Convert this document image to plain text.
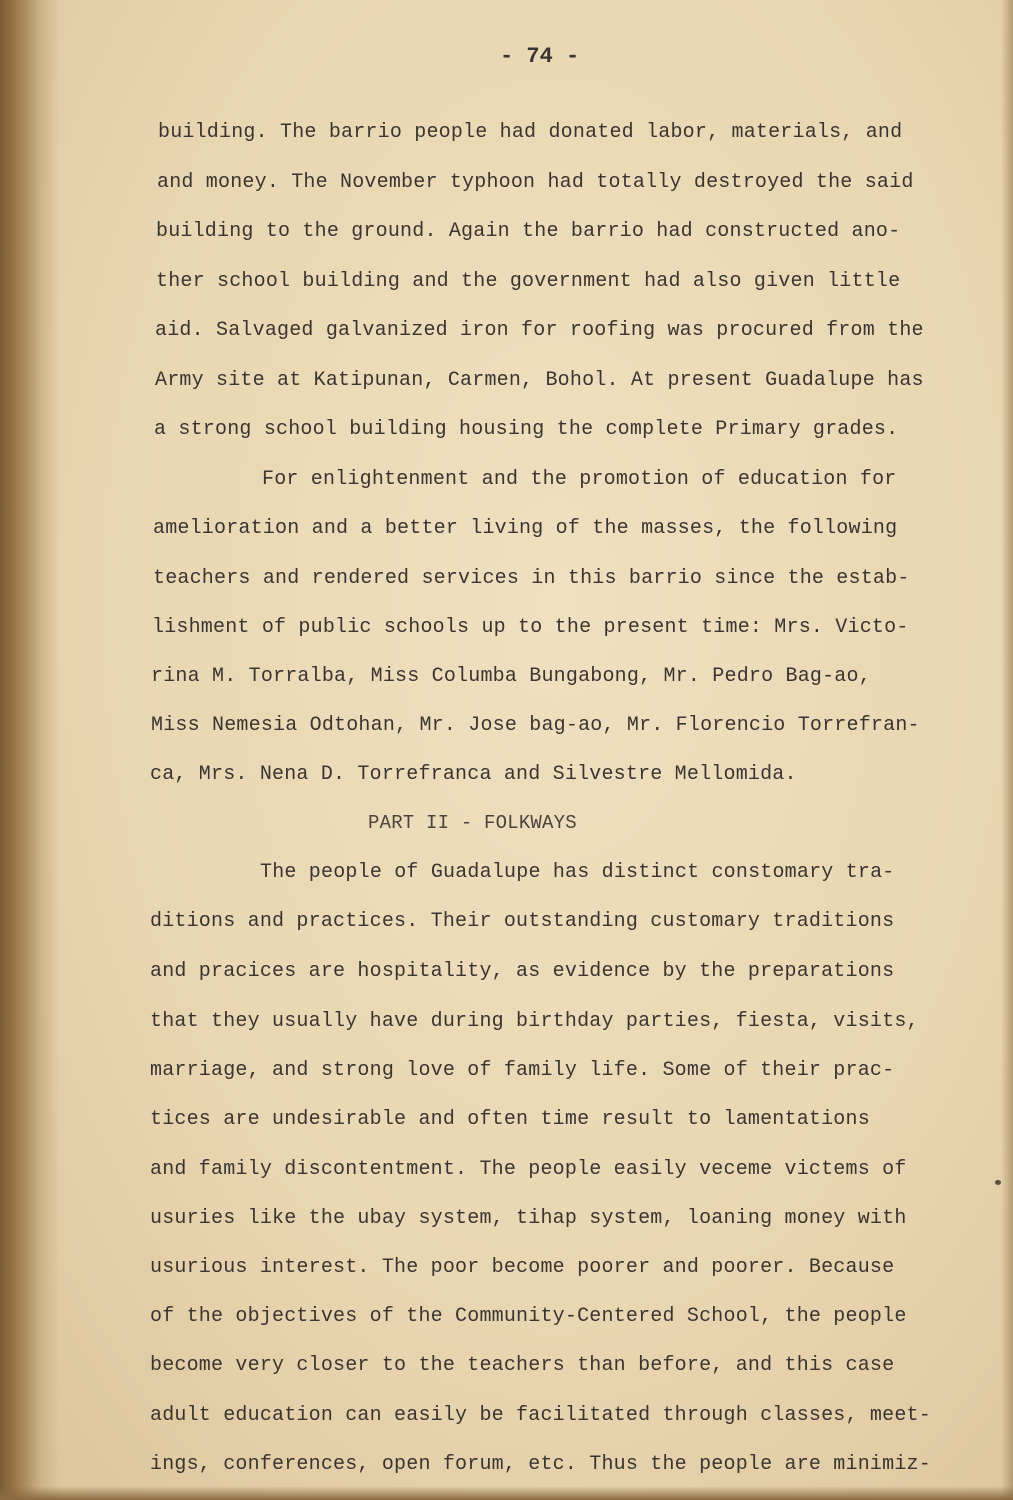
- 74 -
building. The barrio people had donated labor, materials, and
and money. The November typhoon had totally destroyed the said
building to the ground. Again the barrio had constructed ano-
ther school building and the government had also given little
aid. Salvaged galvanized iron for roofing was procured from the
Army site at Katipunan, Carmen, Bohol. At present Guadalupe has
a strong school building housing the complete Primary grades.
For enlightenment and the promotion of education for
amelioration and a better living of the masses, the following
teachers and rendered services in this barrio since the estab-
lishment of public schools up to the present time: Mrs. Victo-
rina M. Torralba, Miss Columba Bungabong, Mr. Pedro Bag-ao,
Miss Nemesia Odtohan, Mr. Jose bag-ao, Mr. Florencio Torrefran-
ca, Mrs. Nena D. Torrefranca and Silvestre Mellomida.
PART II - FOLKWAYS
The people of Guadalupe has distinct constomary tra-
ditions and practices. Their outstanding customary traditions
and pracices are hospitality, as evidence by the preparations
that they usually have during birthday parties, fiesta, visits,
marriage, and strong love of family life. Some of their prac-
tices are undesirable and often time result to lamentations
and family discontentment. The people easily veceme victems of
usuries like the ubay system, tihap system, loaning money with
usurious interest. The poor become poorer and poorer. Because
of the objectives of the Community-Centered School, the people
become very closer to the teachers than before, and this case
adult education can easily be facilitated through classes, meet-
ings, conferences, open forum, etc. Thus the people are minimiz-
